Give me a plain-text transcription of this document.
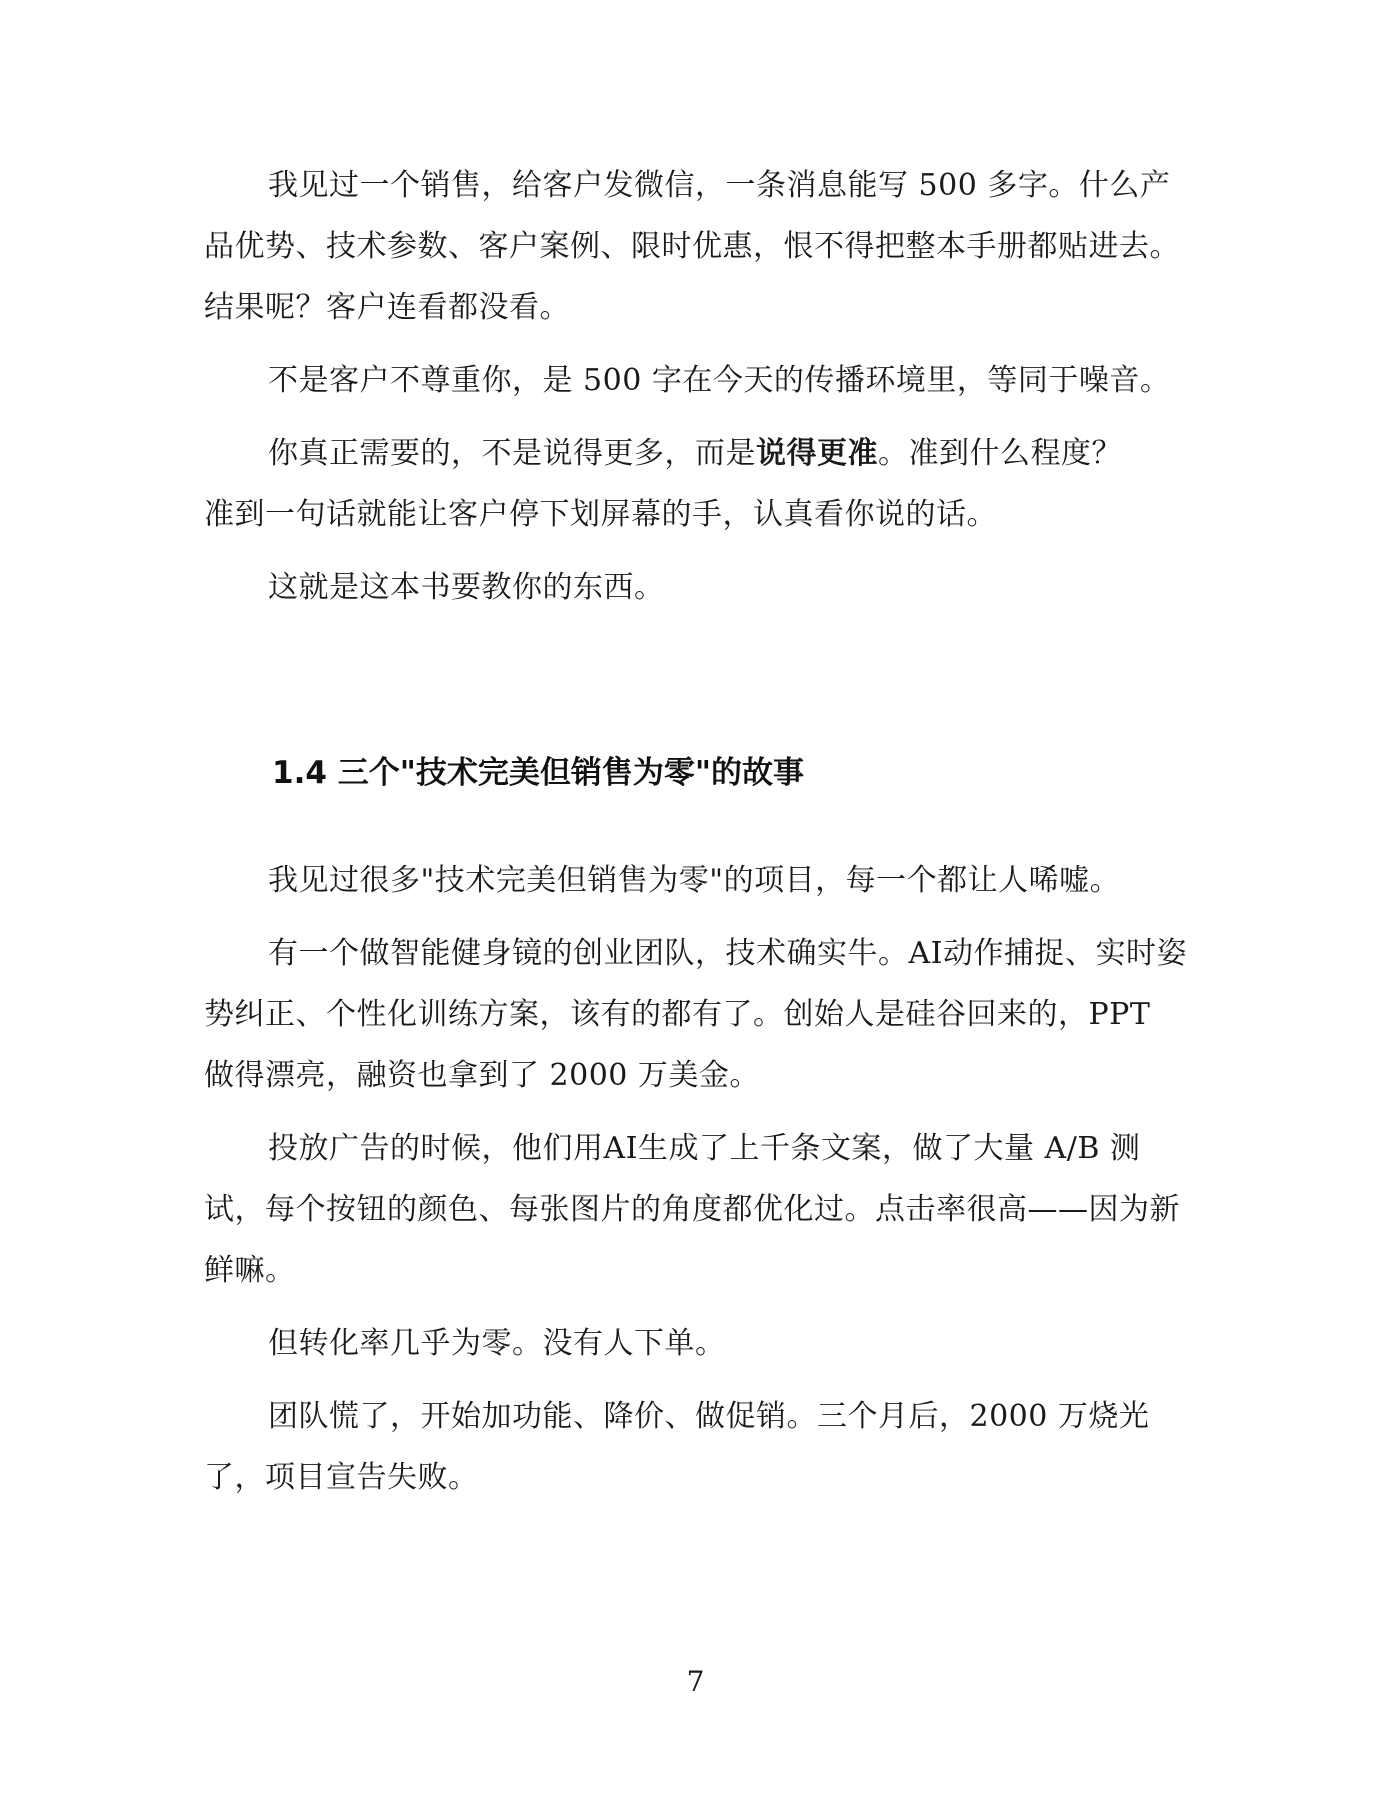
我见过一个销售，给客户发微信，一条消息能写 500 多字。什么产品优势、技术参数、客户案例、限时优惠，恨不得把整本手册都贴进去。结果呢？客户连看都没看。

不是客户不尊重你，是 500 字在今天的传播环境里，等同于噪音。

你真正需要的，不是说得更多，而是说得更准。准到什么程度？

准到一句话就能让客户停下划屏幕的手，认真看你说的话。

这就是这本书要教你的东西。

1.4 三个"技术完美但销售为零"的故事

我见过很多"技术完美但销售为零"的项目，每一个都让人唏嘘。

有一个做智能健身镜的创业团队，技术确实牛。AI动作捕捉、实时姿势纠正、个性化训练方案，该有的都有了。创始人是硅谷回来的，PPT 做得漂亮，融资也拿到了 2000 万美金。

投放广告的时候，他们用AI生成了上千条文案，做了大量 A/B 测试，每个按钮的颜色、每张图片的角度都优化过。点击率很高——因为新鲜嘛。

但转化率几乎为零。没有人下单。

团队慌了，开始加功能、降价、做促销。三个月后，2000 万烧光了，项目宣告失败。

7
